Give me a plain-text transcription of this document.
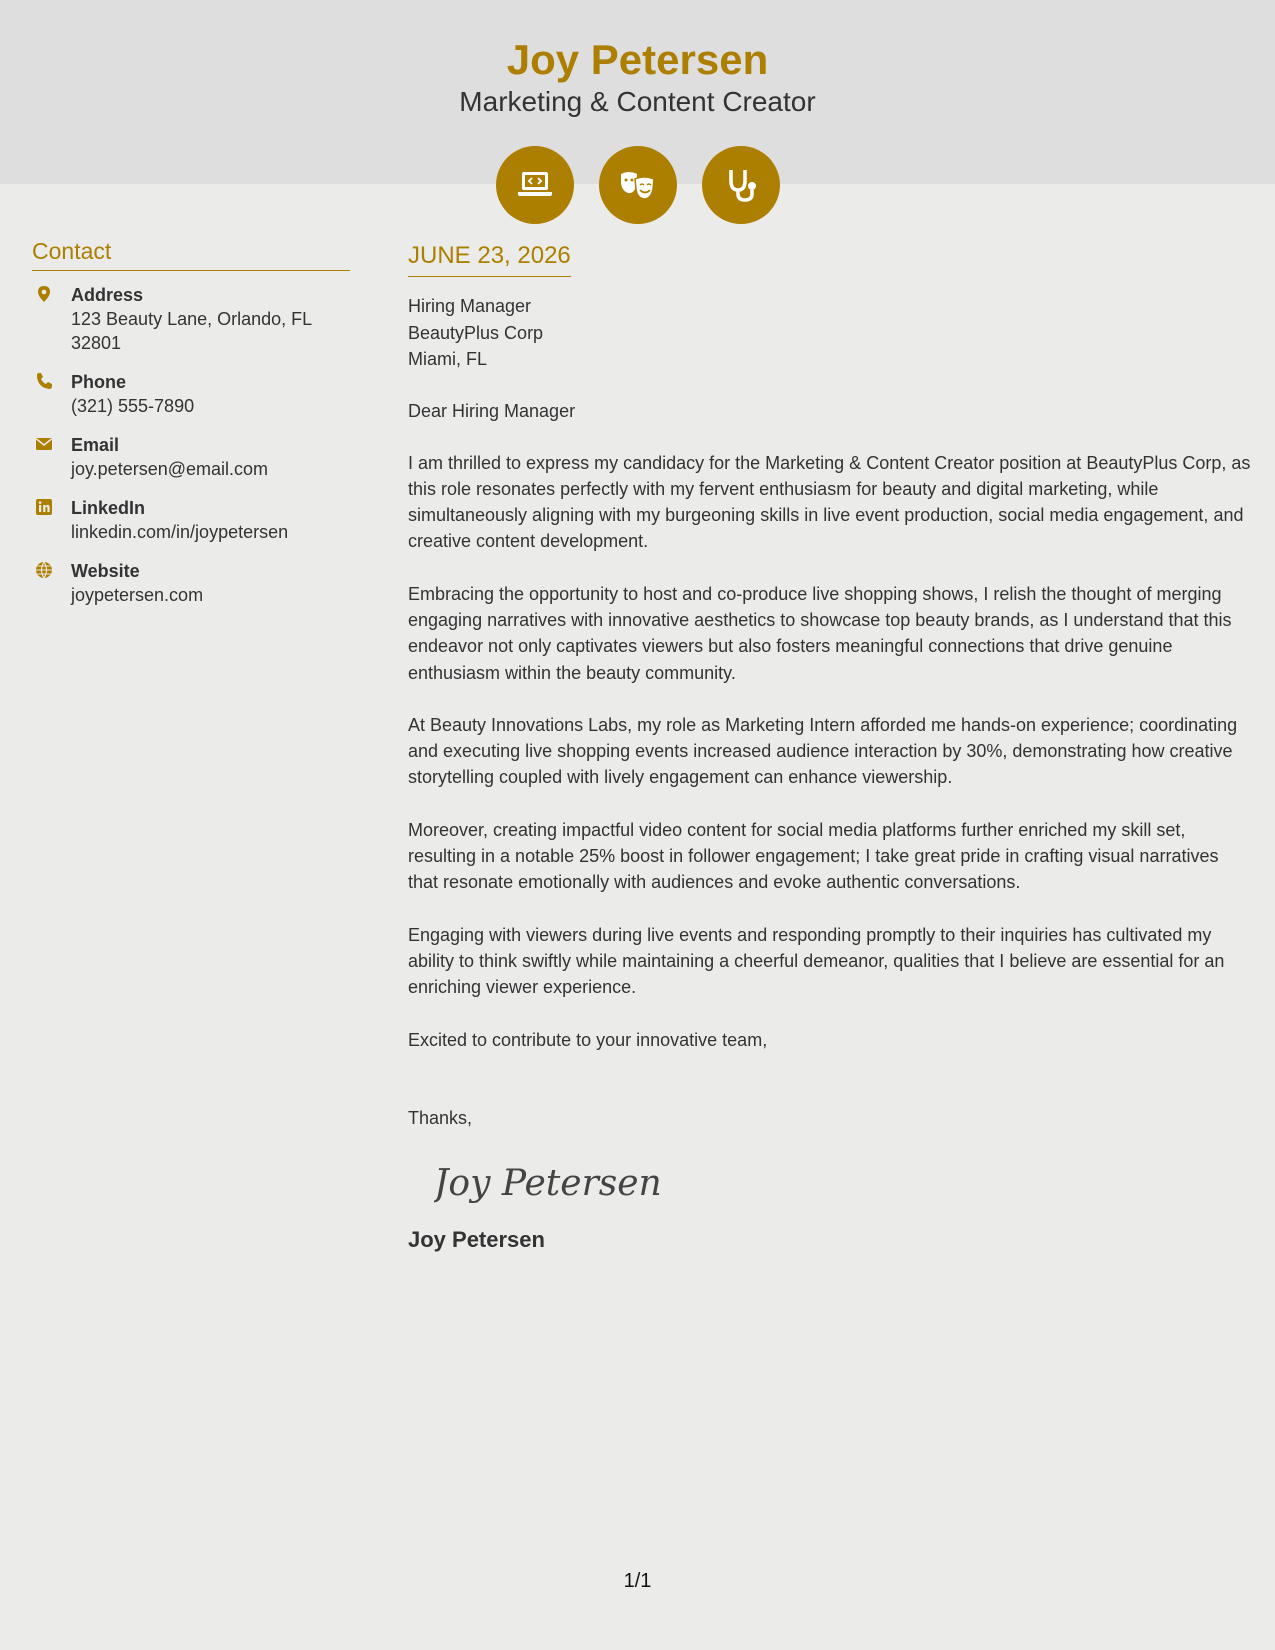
Joy Petersen
Marketing & Content Creator
Contact
Address
123 Beauty Lane, Orlando, FL 32801
Phone
(321) 555-7890
Email
joy.petersen@email.com
LinkedIn
linkedin.com/in/joypetersen
Website
joypetersen.com
JUNE 23, 2026
Hiring Manager
BeautyPlus Corp
Miami, FL
Dear Hiring Manager
I am thrilled to express my candidacy for the Marketing & Content Creator position at BeautyPlus Corp, as this role resonates perfectly with my fervent enthusiasm for beauty and digital marketing, while simultaneously aligning with my burgeoning skills in live event production, social media engagement, and creative content development.
Embracing the opportunity to host and co-produce live shopping shows, I relish the thought of merging engaging narratives with innovative aesthetics to showcase top beauty brands, as I understand that this endeavor not only captivates viewers but also fosters meaningful connections that drive genuine enthusiasm within the beauty community.
At Beauty Innovations Labs, my role as Marketing Intern afforded me hands-on experience; coordinating and executing live shopping events increased audience interaction by 30%, demonstrating how creative storytelling coupled with lively engagement can enhance viewership.
Moreover, creating impactful video content for social media platforms further enriched my skill set, resulting in a notable 25% boost in follower engagement; I take great pride in crafting visual narratives that resonate emotionally with audiences and evoke authentic conversations.
Engaging with viewers during live events and responding promptly to their inquiries has cultivated my ability to think swiftly while maintaining a cheerful demeanor, qualities that I believe are essential for an enriching viewer experience.
Excited to contribute to your innovative team,
Thanks,
Joy Petersen
Joy Petersen
1/1
